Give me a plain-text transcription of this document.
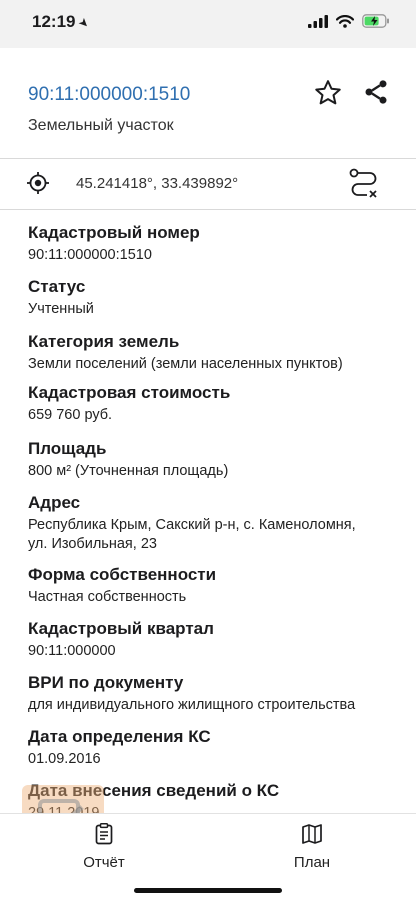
12:19➤
90:11:000000:1510
Земельный участок
45.241418°, 33.439892°
Кадастровый номер
90:11:000000:1510
Статус
Учтенный
Категория земель
Земли поселений (земли населенных пунктов)
Кадастровая стоимость
659 760 руб.
Площадь
800 м² (Уточненная площадь)
Адрес
Республика Крым, Сакский р-н, с. Каменоломня,
ул. Изобильная, 23
Форма собственности
Частная собственность
Кадастровый квартал
90:11:000000
ВРИ по документу
для индивидуального жилищного строительства
Дата определения КС
01.09.2016
Дата внесения сведений о КС
Отчёт	План
